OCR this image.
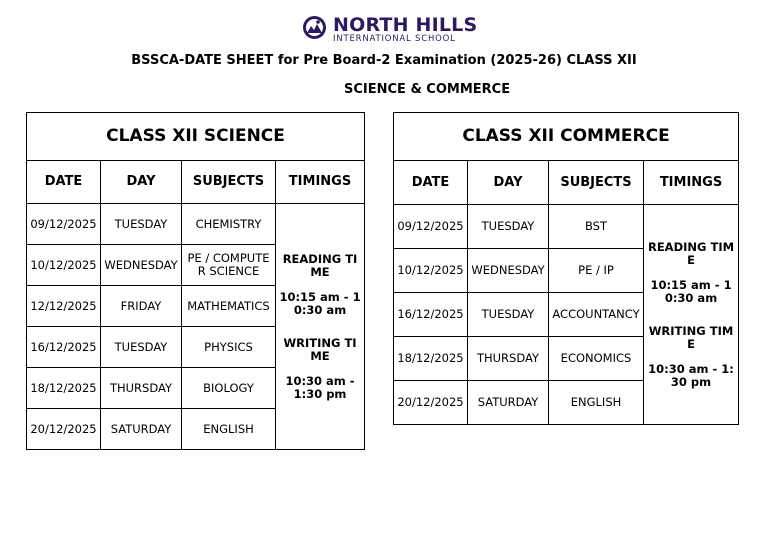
NORTH HILLS
INTERNATIONAL SCHOOL
BSSCA-DATE SHEET for Pre Board-2 Examination (2025-26) CLASS XII
SCIENCE & COMMERCE
CLASS XII SCIENCE			
DATE	DAY	SUBJECTS	TIMINGS
09/12/2025	TUESDAY	CHEMISTRY	READING TIME
10:15 am - 10:30 am
WRITING TIME
10:30 am - 1:30 pm

10/12/2025	WEDNESDAY	PE / COMPUTER SCIENCE	
12/12/2025	FRIDAY	MATHEMATICS	
16/12/2025	TUESDAY	PHYSICS	
18/12/2025	THURSDAY	BIOLOGY	
20/12/2025	SATURDAY	ENGLISH	
CLASS XII COMMERCE			
DATE	DAY	SUBJECTS	TIMINGS
09/12/2025	TUESDAY	BST	READING TIME
10:15 am - 10:30 am
WRITING TIME
10:30 am - 1:30 pm

10/12/2025	WEDNESDAY	PE / IP	
16/12/2025	TUESDAY	ACCOUNTANCY	
18/12/2025	THURSDAY	ECONOMICS	
20/12/2025	SATURDAY	ENGLISH	
